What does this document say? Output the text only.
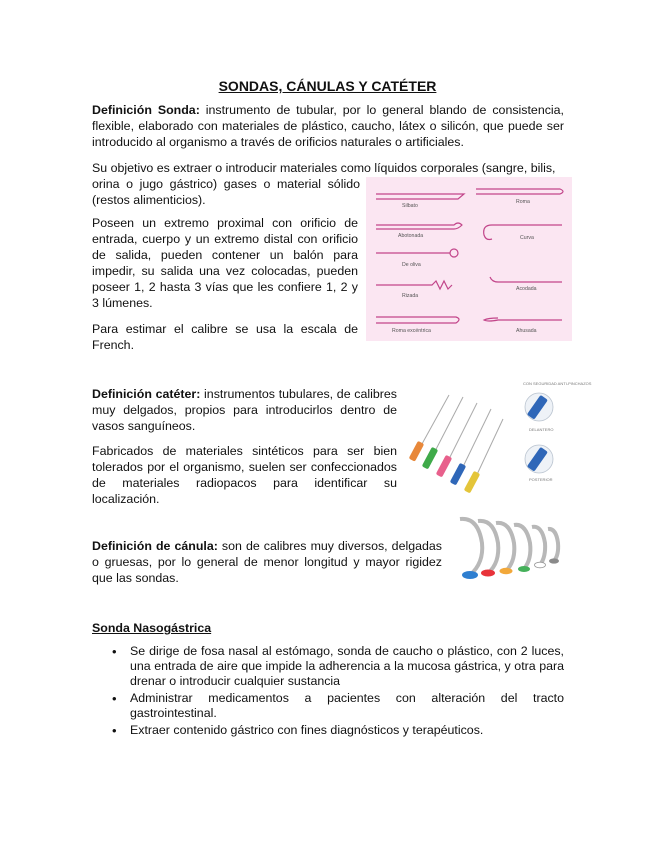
SONDAS, CÁNULAS Y CATÉTER

Definición Sonda: instrumento de tubular, por lo general blando de consistencia, flexible, elaborado con materiales de plástico, caucho, látex o silicón, que puede ser introducido al organismo a través de orificios naturales o artificiales.

Su objetivo es extraer o introducir materiales como líquidos corporales (sangre, bilis,

orina o jugo gástrico) gases o material sólido (restos alimenticios).

Poseen un extremo proximal con orificio de entrada, cuerpo y un extremo distal con orificio de salida, pueden contener un balón para impedir, su salida una vez colocadas, pueden poseer 1, 2 hasta 3 vías que les confiere 1, 2 y 3 lúmenes.

Para estimar el calibre se usa la escala de French.

Silbato
Roma
Abotonada	Curva
De oliva
Acodada
Rizada
Roma excéntrica	Ahusada

Definición catéter: instrumentos tubulares, de calibres muy delgados, propios para introducirlos dentro de vasos sanguíneos.

Fabricados de materiales sintéticos para ser bien tolerados por el organismo, suelen ser confeccionados de materiales radiopacos para identificar su localización.

CON SEGURIDAD ANTI-PINCHAZOS
DELANTERO
POSTERIOR

Definición de cánula: son de calibres muy diversos, delgadas o gruesas, por lo general de menor longitud y mayor rigidez que las sondas.

Sonda Nasogástrica
• Se dirige de fosa nasal al estómago, sonda de caucho o plástico, con 2 luces, una entrada de aire que impide la adherencia a la mucosa gástrica, y otra para drenar o introducir cualquier sustancia
• Administrar medicamentos a pacientes con alteración del tracto gastrointestinal.
• Extraer contenido gástrico con fines diagnósticos y terapéuticos.
